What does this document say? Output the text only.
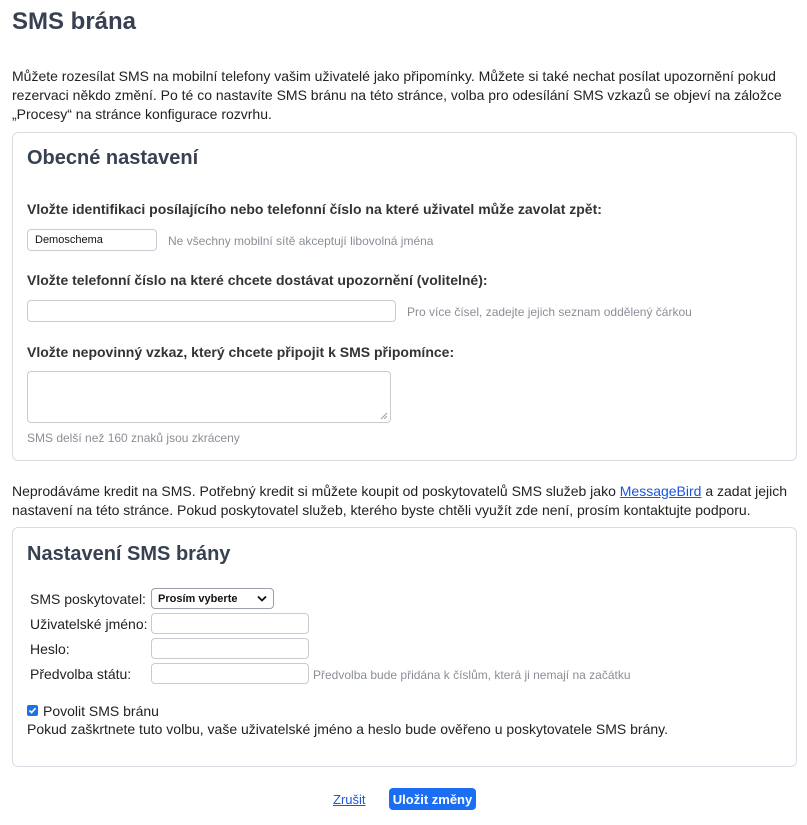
SMS brána
Můžete rozesílat SMS na mobilní telefony vašim uživatelé jako připomínky. Můžete si také nechat posílat upozornění pokud rezervaci někdo změní. Po té co nastavíte SMS bránu na této stránce, volba pro odesílání SMS vzkazů se objeví na záložce „Procesy“ na stránce konfigurace rozvrhu.
Obecné nastavení
Vložte identifikaci posílajícího nebo telefonní číslo na které uživatel může zavolat zpět:
Demoschema	Ne všechny mobilní sítě akceptují libovolná jména
Vložte telefonní číslo na které chcete dostávat upozornění (volitelné):
Pro více čísel, zadejte jejich seznam oddělený čárkou
Vložte nepovinný vzkaz, který chcete připojit k SMS připomínce:
SMS delší než 160 znaků jsou zkráceny
Neprodáváme kredit na SMS. Potřebný kredit si můžete koupit od poskytovatelů SMS služeb jako MessageBird a zadat jejich nastavení na této stránce. Pokud poskytovatel služeb, kterého byste chtěli využít zde není, prosím kontaktujte podporu.
Nastavení SMS brány
SMS poskytovatel: Prosím vyberte
Uživatelské jméno:
Heslo:
Předvolba státu:	Předvolba bude přidána k číslům, která ji nemají na začátku
Povolit SMS bránu
Pokud zaškrtnete tuto volbu, vaše uživatelské jméno a heslo bude ověřeno u poskytovatele SMS brány.
Zrušit Uložit změny
